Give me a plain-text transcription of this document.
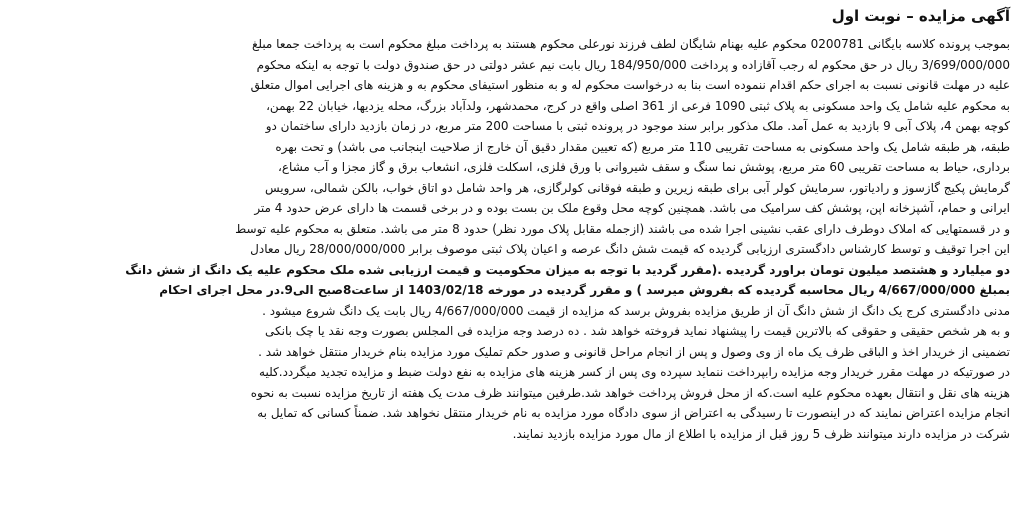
آگهی مزایده – نوبت اول
بموجب پرونده کلاسه بایگانی 0200781 محکوم علیه بهنام شایگان لطف فرزند نورعلی محکوم هستند به پرداخت مبلغ محکوم است به پرداخت جمعا مبلغ
3/699/000/000 ریال در حق محکوم له رجب آقازاده و پرداخت 184/950/000 ریال بابت نیم عشر دولتی در حق صندوق دولت با توجه به اینکه محکوم
علیه در مهلت قانونی نسبت به اجرای حکم اقدام ننموده است بنا به درخواست محکوم له و به منظور استیفای محکوم به و هزینه های اجرایی اموال متعلق
به محکوم علیه شامل یک واحد مسکونی به پلاک ثبتی 1090 فرعی از 361 اصلی واقع در کرج، محمدشهر، ولدآباد بزرگ، محله یزدیها، خیابان 22 بهمن،
کوچه بهمن 4، پلاک آبی 9 بازدید به عمل آمد. ملک مذکور برابر سند موجود در پرونده ثبتی با مساحت 200 متر مربع، در زمان بازدید دارای ساختمان دو
طبقه، هر طبقه شامل یک واحد مسکونی به مساحت تقریبی 110 متر مربع (که تعیین مقدار دقیق آن خارج از صلاحیت اینجانب می باشد) و تحت بهره
برداری، حیاط به مساحت تقریبی 60 متر مربع، پوشش نما سنگ و سقف شیروانی با ورق فلزی، اسکلت فلزی، انشعاب برق و گاز مجزا و آب مشاع،
گرمایش پکیج گازسوز و رادیاتور، سرمایش کولر آبی برای طبقه زیرین و طبقه فوقانی کولرگازی، هر واحد شامل دو اتاق خواب، بالکن شمالی، سرویس
ایرانی و حمام، آشپزخانه اپن، پوشش کف سرامیک می باشد. همچنین کوچه محل وقوع ملک بن بست بوده و در برخی قسمت ها دارای عرض حدود 4 متر
و در قسمتهایی که املاک دوطرف دارای عقب نشینی اجرا شده می باشند (ازجمله مقابل پلاک مورد نظر) حدود 8 متر می باشد. متعلق به محکوم علیه توسط
این اجرا توقیف و توسط کارشناس دادگستری ارزیابی گردیده که قیمت شش دانگ عرصه و اعیان پلاک ثبتی موصوف برابر 28/000/000/000 ریال معادل
دو میلیارد و هشتصد میلیون تومان براورد گردیده .(مقرر گردید با توجه به میزان محکومیت و قیمت ارزیابی شده ملک محکوم علیه یک دانگ از شش دانگ
بمبلغ 4/667/000/000 ریال محاسبه گردیده که بفروش میرسد ) و مقرر گردیده در مورخه 1403/02/18 از ساعت8صبح الی9.در محل اجرای احکام
مدنی دادگستری کرج یک دانگ از شش دانگ آن از طریق مزایده بفروش برسد که مزایده از قیمت 4/667/000/000 ریال بابت یک دانگ شروع میشود .
و به هر شخص حقیقی و حقوقی که بالاترین قیمت را پیشنهاد نماید فروخته خواهد شد . ده درصد وجه مزایده فی المجلس بصورت وجه نقد یا چک بانکی
تضمینی از خریدار اخذ و الباقی ظرف یک ماه از وی وصول و پس از انجام مراحل قانونی و صدور حکم تملیک مورد مزایده بنام خریدار منتقل خواهد شد .
در صورتیکه در مهلت مقرر خریدار وجه مزایده رابپرداخت ننماید سپرده وی پس از کسر هزینه های مزایده به نفع دولت ضبط و مزایده تجدید میگردد.کلیه
هزینه های نقل و انتقال بعهده محکوم علیه است.که از محل فروش پرداخت خواهد شد.طرفین میتوانند ظرف مدت یک هفته از تاریخ مزایده نسبت به نحوه
انجام مزایده اعتراض نمایند که در اینصورت تا رسیدگی به اعتراض از سوی دادگاه مورد مزایده به نام خریدار منتقل نخواهد شد. ضمناً کسانی که تمایل به
شرکت در مزایده دارند میتوانند ظرف 5 روز قبل از مزایده با اطلاع از مال مورد مزایده بازدید نمایند.
